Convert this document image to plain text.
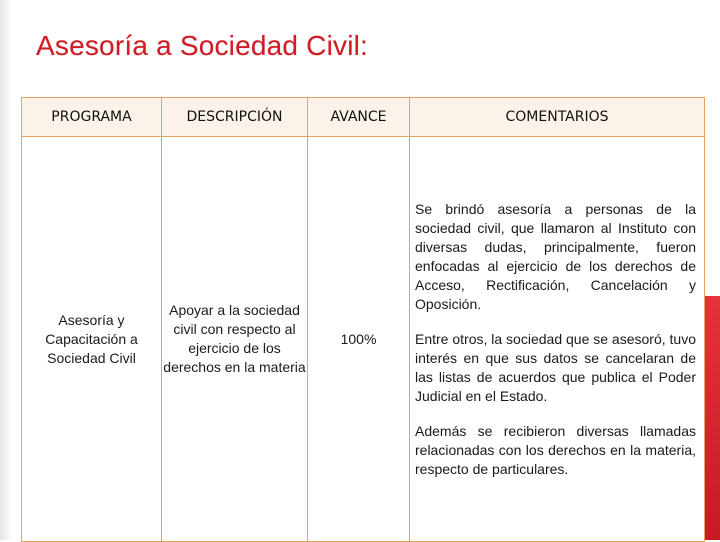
Asesoría a Sociedad Civil:
PROGRAMA	DESCRIPCIÓN	AVANCE	COMENTARIOS
Asesoría y Capacitación a Sociedad Civil	Apoyar a la sociedad civil con respecto al ejercicio de los derechos en la materia	100%	Se brindó asesoría a personas de la sociedad civil, que llamaron al Instituto con diversas dudas, principalmente, fueron enfocadas al ejercicio de los derechos de Acceso, Rectificación, Cancelación y Oposición.

Entre otros, la sociedad que se asesoró, tuvo interés en que sus datos se cancelaran de las listas de acuerdos que publica el Poder Judicial en el Estado.

Además se recibieron diversas llamadas relacionadas con los derechos en la materia, respecto de particulares.
